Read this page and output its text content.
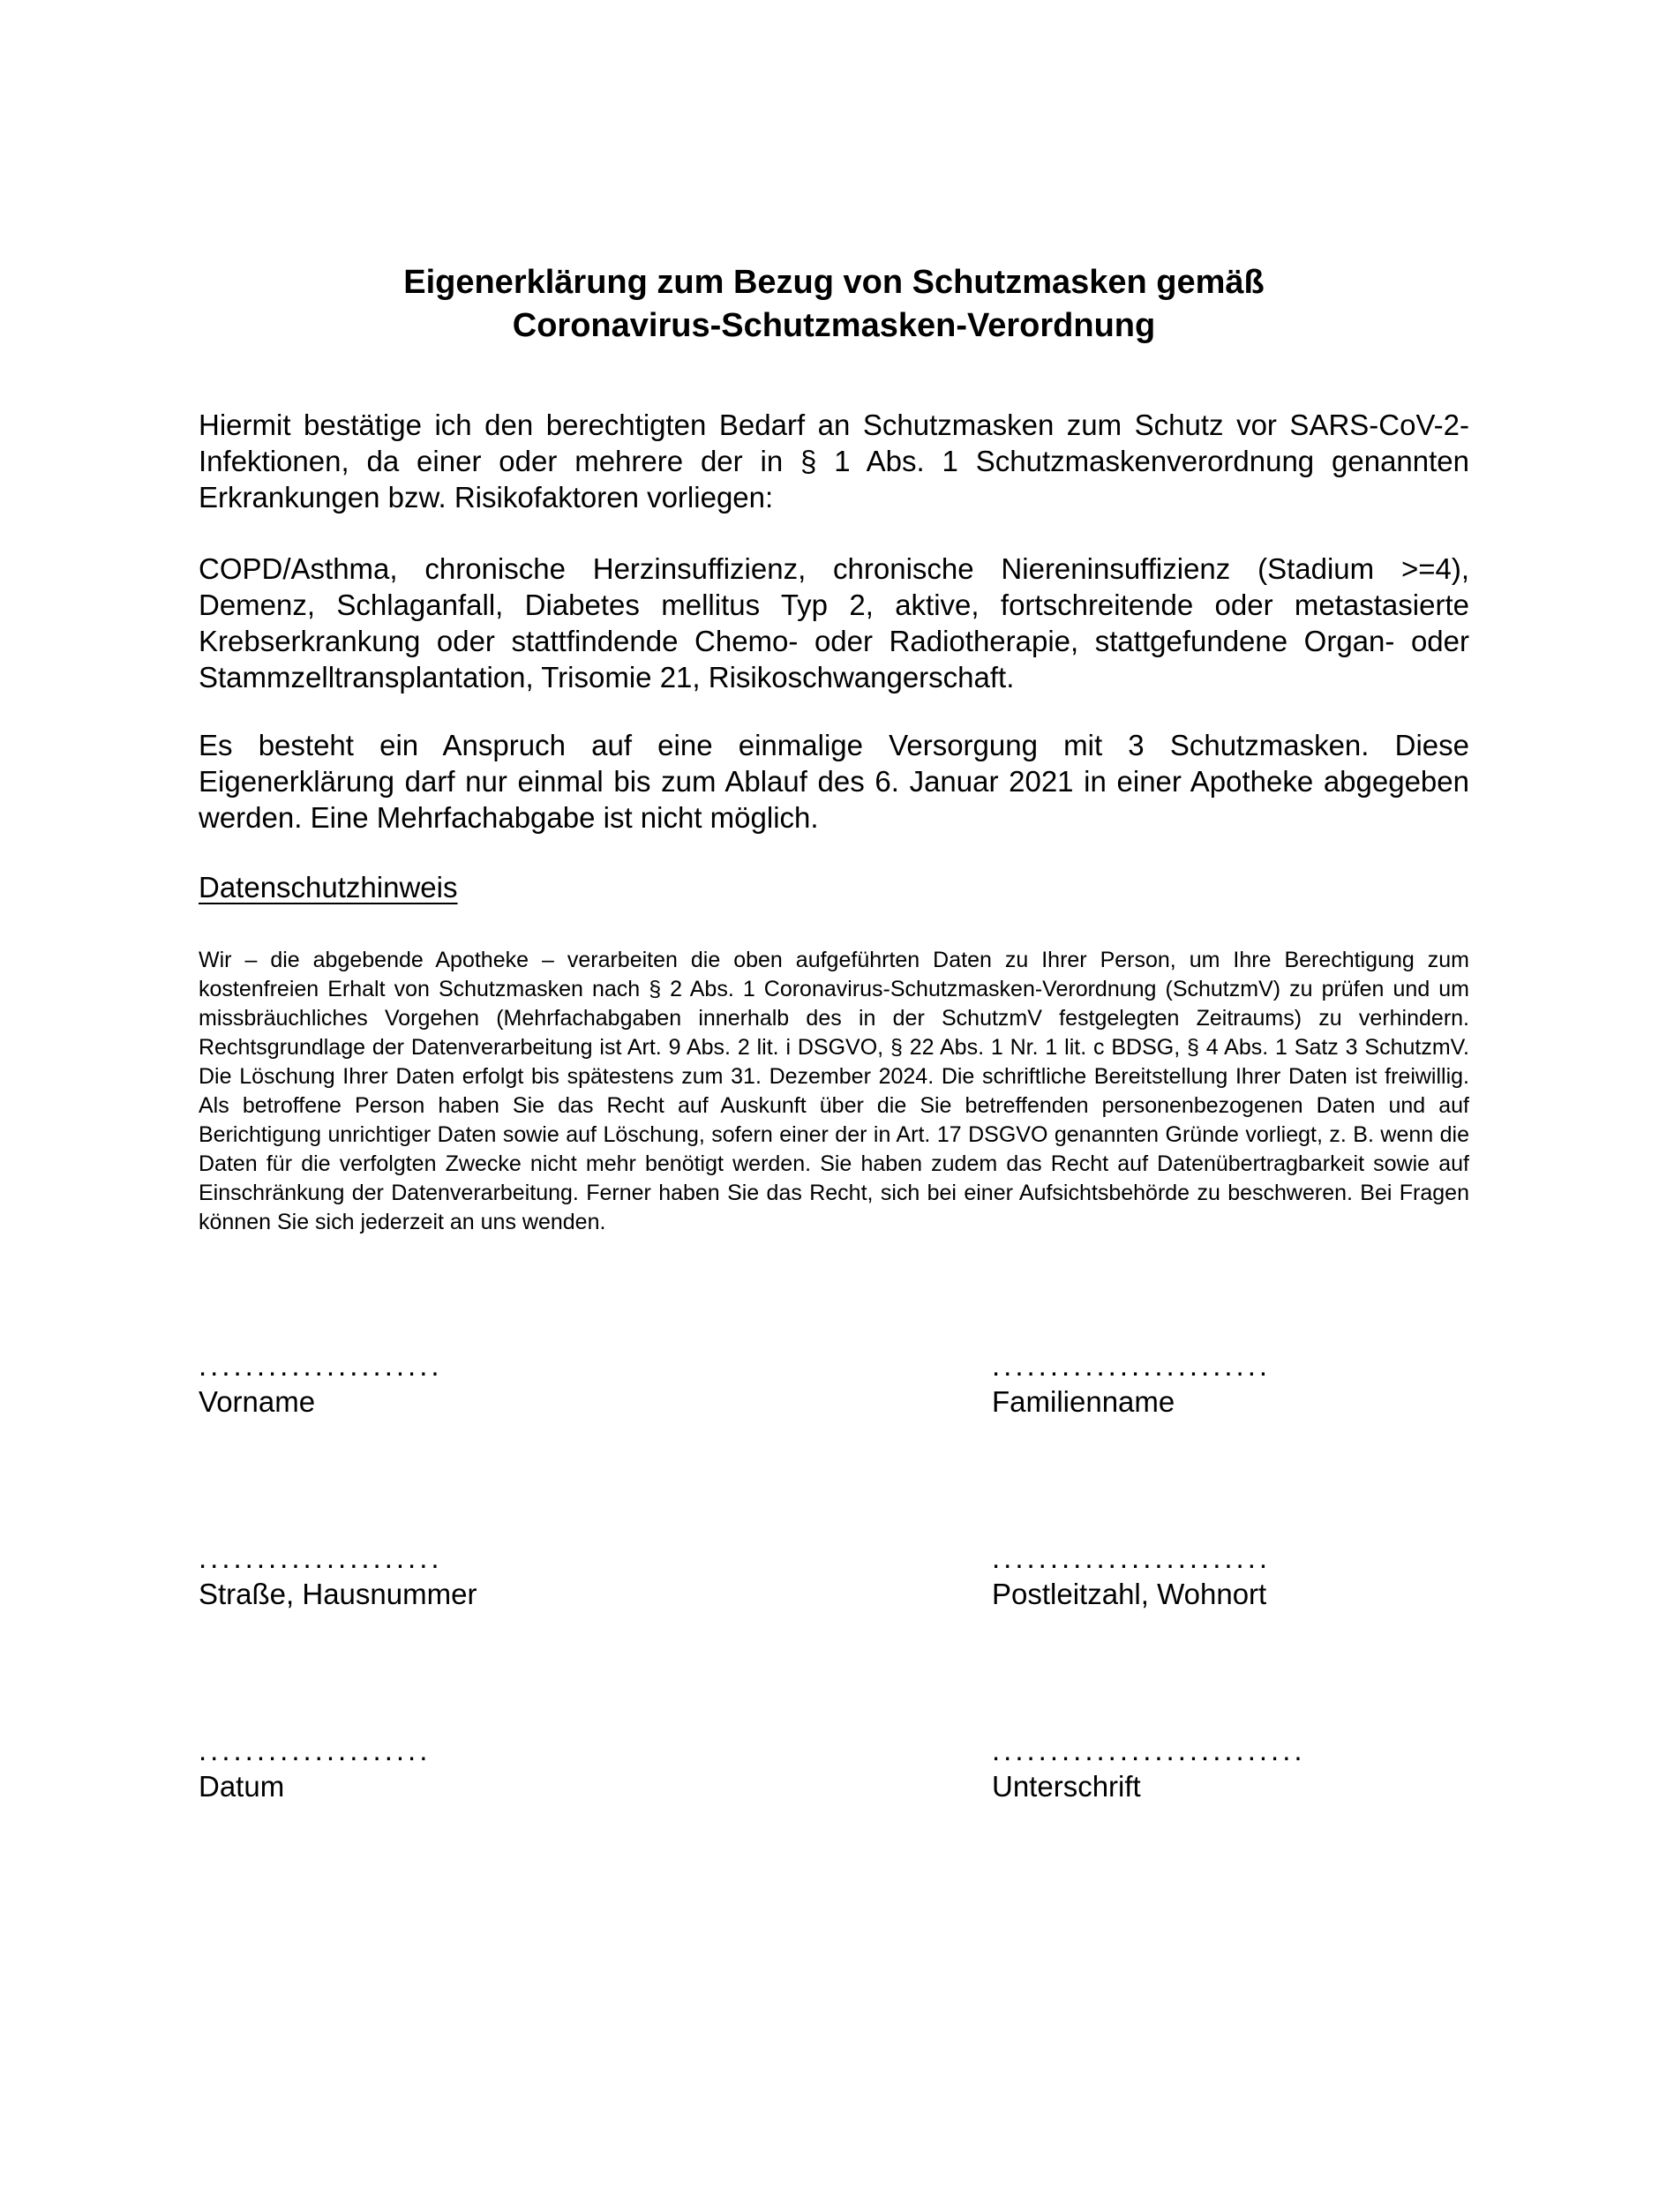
Eigenerklärung zum Bezug von Schutzmasken gemäß
Coronavirus-Schutzmasken-Verordnung

Hiermit bestätige ich den berechtigten Bedarf an Schutzmasken zum Schutz vor SARS-CoV-2-Infektionen, da einer oder mehrere der in § 1 Abs. 1 Schutzmaskenverordnung genannten Erkrankungen bzw. Risikofaktoren vorliegen:

COPD/Asthma, chronische Herzinsuffizienz, chronische Niereninsuffizienz (Stadium >=4), Demenz, Schlaganfall, Diabetes mellitus Typ 2, aktive, fortschreitende oder metastasierte Krebserkrankung oder stattfindende Chemo- oder Radiotherapie, stattgefundene Organ- oder Stammzelltransplantation, Trisomie 21, Risikoschwangerschaft.

Es besteht ein Anspruch auf eine einmalige Versorgung mit 3 Schutzmasken. Diese Eigenerklärung darf nur einmal bis zum Ablauf des 6. Januar 2021 in einer Apotheke abgegeben werden. Eine Mehrfachabgabe ist nicht möglich.

Datenschutzhinweis

Wir – die abgebende Apotheke – verarbeiten die oben aufgeführten Daten zu Ihrer Person, um Ihre Berechtigung zum kostenfreien Erhalt von Schutzmasken nach § 2 Abs. 1 Coronavirus-Schutzmasken-Verordnung (SchutzmV) zu prüfen und um missbräuchliches Vorgehen (Mehrfachabgaben innerhalb des in der SchutzmV festgelegten Zeitraums) zu verhindern. Rechtsgrundlage der Datenverarbeitung ist Art. 9 Abs. 2 lit. i DSGVO, § 22 Abs. 1 Nr. 1 lit. c BDSG, § 4 Abs. 1 Satz 3 SchutzmV. Die Löschung Ihrer Daten erfolgt bis spätestens zum 31. Dezember 2024. Die schriftliche Bereitstellung Ihrer Daten ist freiwillig. Als betroffene Person haben Sie das Recht auf Auskunft über die Sie betreffenden personenbezogenen Daten und auf Berichtigung unrichtiger Daten sowie auf Löschung, sofern einer der in Art. 17 DSGVO genannten Gründe vorliegt, z. B. wenn die Daten für die verfolgten Zwecke nicht mehr benötigt werden. Sie haben zudem das Recht auf Datenübertragbarkeit sowie auf Einschränkung der Datenverarbeitung. Ferner haben Sie das Recht, sich bei einer Aufsichtsbehörde zu beschweren. Bei Fragen können Sie sich jederzeit an uns wenden.

.....................
Vorname
........................
Familienname
.....................
Straße, Hausnummer
........................
Postleitzahl, Wohnort
....................
Datum
...........................
Unterschrift
